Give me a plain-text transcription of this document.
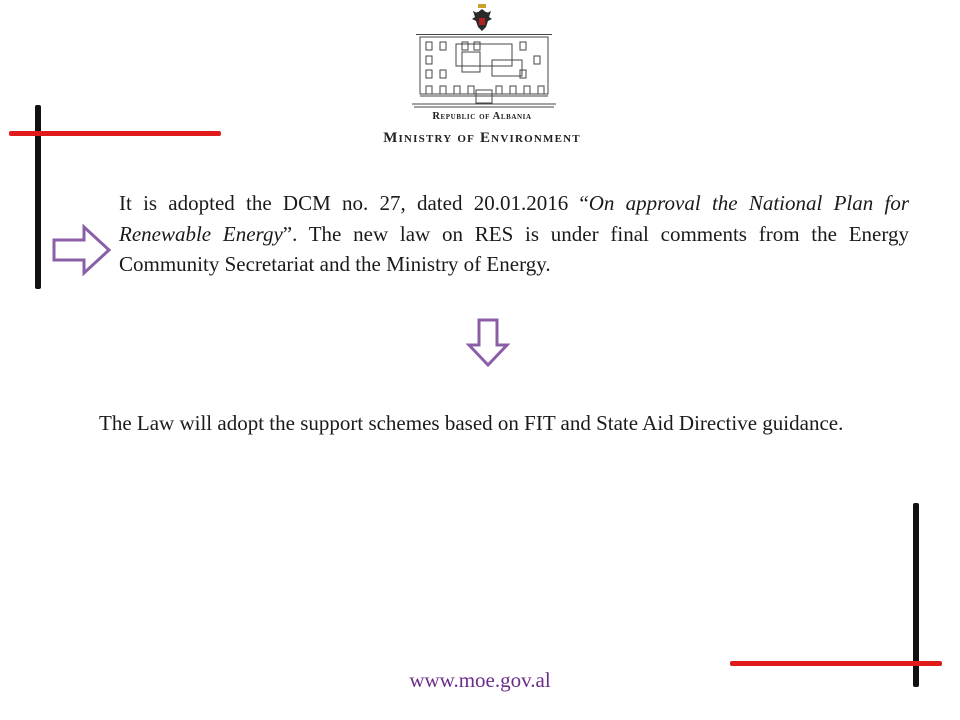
Republic of Albania
Ministry of Environment
It is adopted the DCM no. 27, dated 20.01.2016 “On approval the National Plan for Renewable Energy”. The new law on RES is under final comments from the Energy Community Secretariat and the Ministry of Energy.
The Law will adopt the support schemes based on FIT and State Aid Directive guidance.
www.moe.gov.al
